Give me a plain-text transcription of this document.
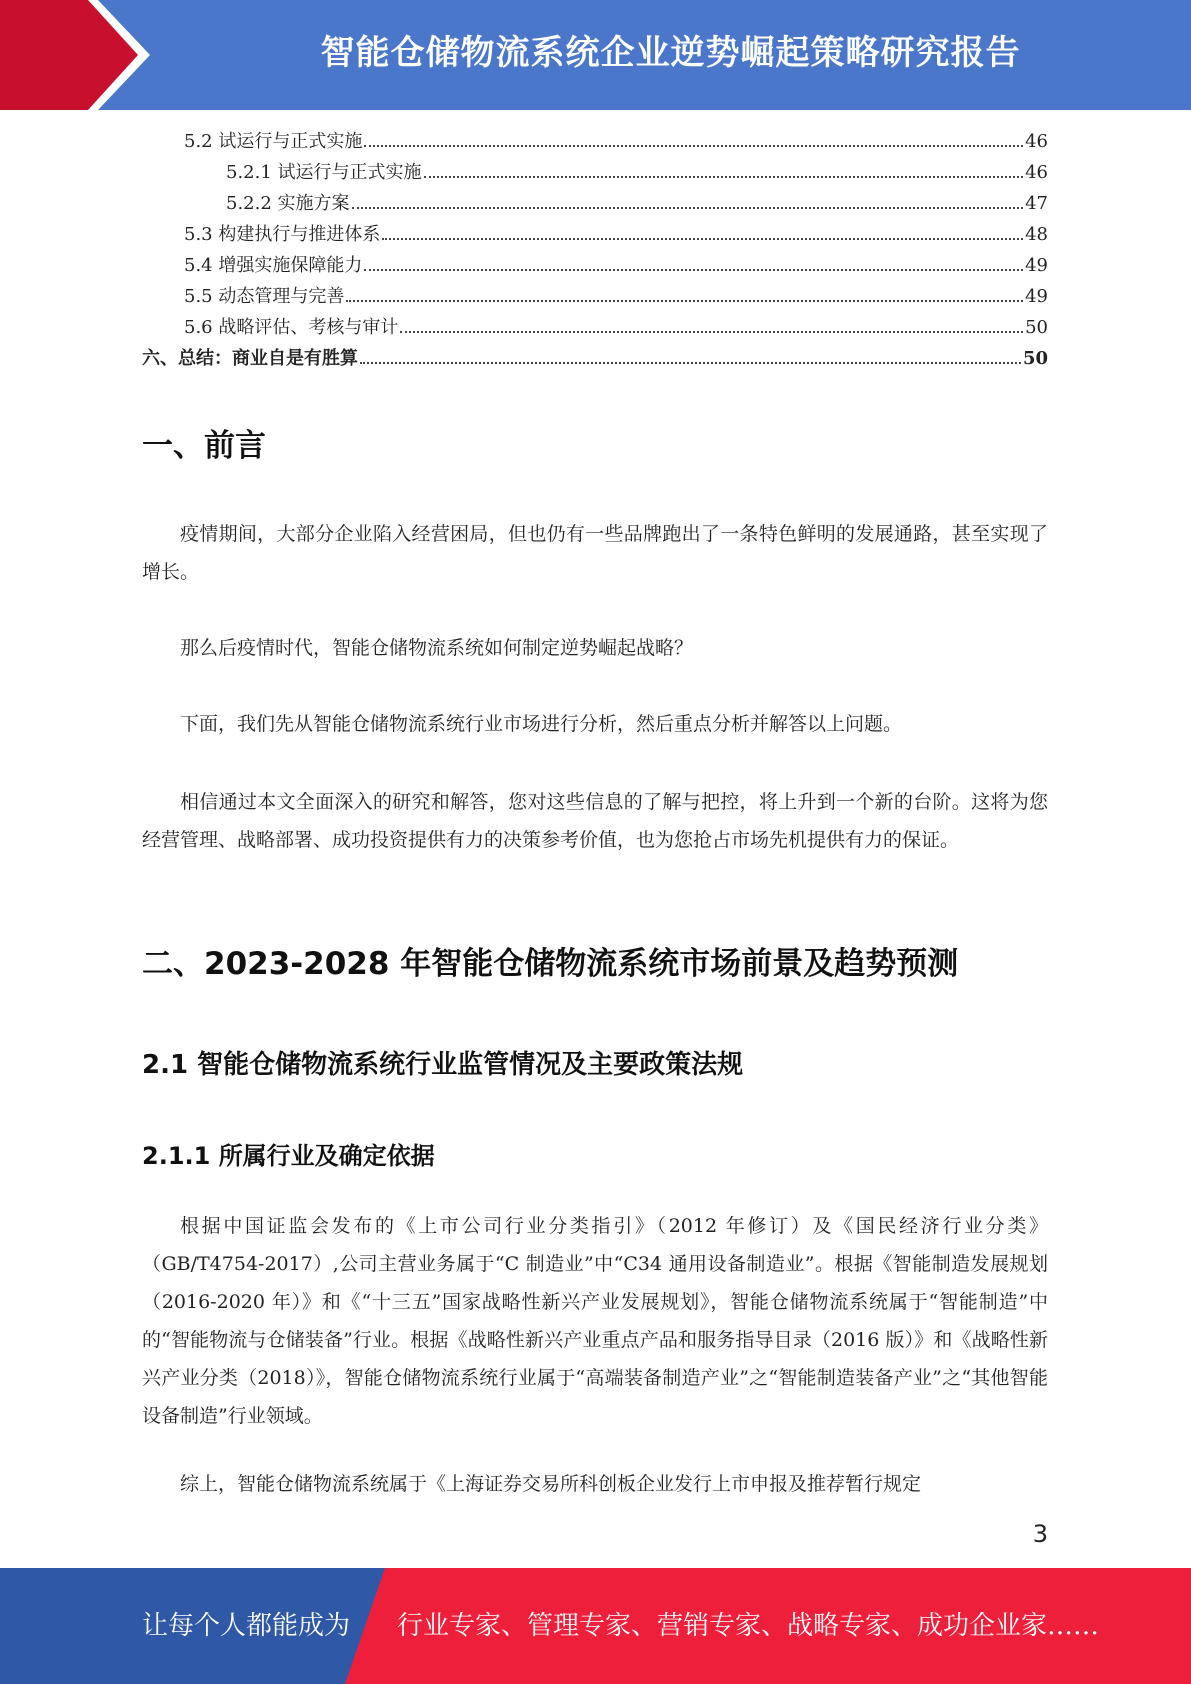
智能仓储物流系统企业逆势崛起策略研究报告
5.2 试运行与正式实施	46
5.2.1 试运行与正式实施	46
5.2.2 实施方案	47
5.3 构建执行与推进体系	48
5.4 增强实施保障能力	49
5.5 动态管理与完善	49
5.6 战略评估、考核与审计	50
六、总结：商业自是有胜算	50
一、前言

疫情期间，大部分企业陷入经营困局，但也仍有一些品牌跑出了一条特色鲜明的发展通路，甚至实现了增长。

那么后疫情时代，智能仓储物流系统如何制定逆势崛起战略？

下面，我们先从智能仓储物流系统行业市场进行分析，然后重点分析并解答以上问题。

相信通过本文全面深入的研究和解答，您对这些信息的了解与把控，将上升到一个新的台阶。这将为您经营管理、战略部署、成功投资提供有力的决策参考价值，也为您抢占市场先机提供有力的保证。

二、2023-2028 年智能仓储物流系统市场前景及趋势预测
2.1 智能仓储物流系统行业监管情况及主要政策法规
2.1.1 所属行业及确定依据

根据中国证监会发布的《上市公司行业分类指引》（2012 年修订）及《国民经济行业分类》（GB/T4754-2017）,公司主营业务属于“C 制造业”中“C34 通用设备制造业”。根据《智能制造发展规划（2016-2020 年）》和《“十三五”国家战略性新兴产业发展规划》，智能仓储物流系统属于“智能制造”中的“智能物流与仓储装备”行业。根据《战略性新兴产业重点产品和服务指导目录（2016 版）》和《战略性新兴产业分类（2018）》，智能仓储物流系统行业属于“高端装备制造产业”之“智能制造装备产业”之“其他智能设备制造”行业领域。

综上，智能仓储物流系统属于《上海证券交易所科创板企业发行上市申报及推荐暂行规定

3
让每个人都能成为 行业专家、管理专家、营销专家、战略专家、成功企业家……
